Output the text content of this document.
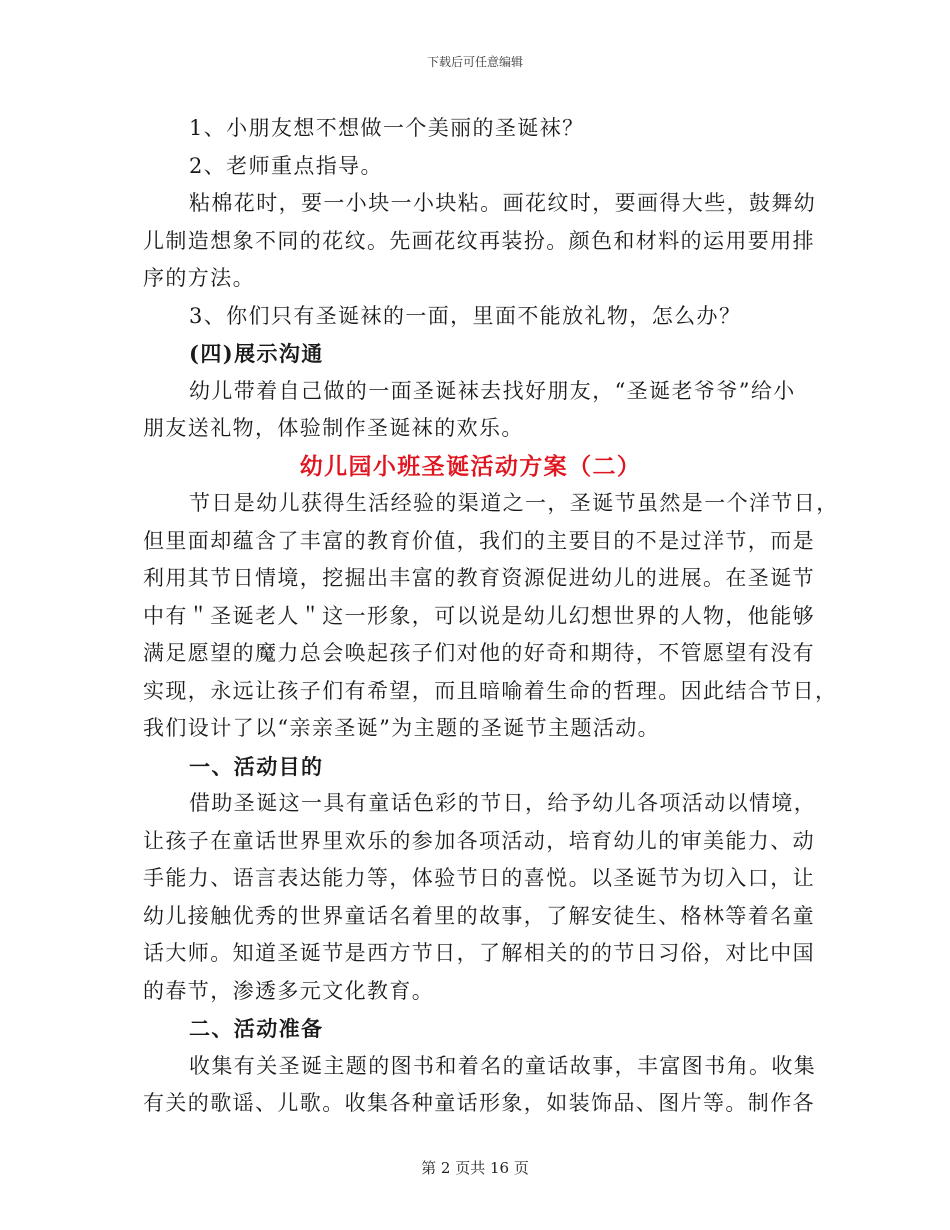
下载后可任意编辑
1、小朋友想不想做一个美丽的圣诞袜？
2、老师重点指导。
粘棉花时，要一小块一小块粘。画花纹时，要画得大些，鼓舞幼
儿制造想象不同的花纹。先画花纹再装扮。颜色和材料的运用要用排
序的方法。
3、你们只有圣诞袜的一面，里面不能放礼物，怎么办？
(四)展示沟通
幼儿带着自己做的一面圣诞袜去找好朋友，“圣诞老爷爷”给小
朋友送礼物，体验制作圣诞袜的欢乐。
幼儿园小班圣诞活动方案（二）
节日是幼儿获得生活经验的渠道之一，圣诞节虽然是一个洋节日，
但里面却蕴含了丰富的教育价值，我们的主要目的不是过洋节，而是
利用其节日情境，挖掘出丰富的教育资源促进幼儿的进展。在圣诞节
中有＂圣诞老人＂这一形象，可以说是幼儿幻想世界的人物，他能够
满足愿望的魔力总会唤起孩子们对他的好奇和期待，不管愿望有没有
实现，永远让孩子们有希望，而且暗喻着生命的哲理。因此结合节日，
我们设计了以“亲亲圣诞”为主题的圣诞节主题活动。
一、活动目的
借助圣诞这一具有童话色彩的节日，给予幼儿各项活动以情境，
让孩子在童话世界里欢乐的参加各项活动，培育幼儿的审美能力、动
手能力、语言表达能力等，体验节日的喜悦。以圣诞节为切入口，让
幼儿接触优秀的世界童话名着里的故事，了解安徒生、格林等着名童
话大师。知道圣诞节是西方节日，了解相关的的节日习俗，对比中国
的春节，渗透多元文化教育。
二、活动准备
收集有关圣诞主题的图书和着名的童话故事，丰富图书角。收集
有关的歌谣、儿歌。收集各种童话形象，如装饰品、图片等。制作各
第 2 页共 16 页
